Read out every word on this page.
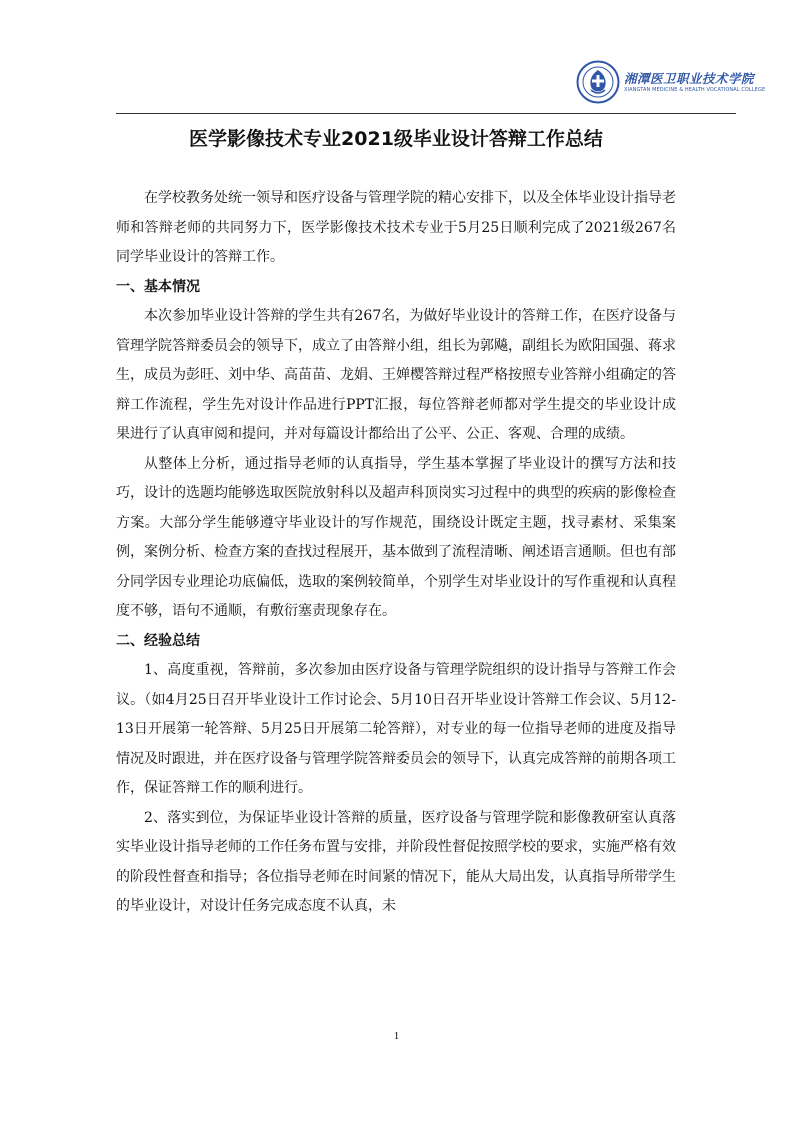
湘潭医卫职业技术学院
XIANGTAN MEDICINE & HEALTH VOCATIONAL COLLEGE
医学影像技术专业2021级毕业设计答辩工作总结

在学校教务处统一领导和医疗设备与管理学院的精心安排下，以及全体毕业设计指导老师和答辩老师的共同努力下，医学影像技术技术专业于5月25日顺利完成了2021级267名同学毕业设计的答辩工作。

一、基本情况

本次参加毕业设计答辩的学生共有267名，为做好毕业设计的答辩工作，在医疗设备与管理学院答辩委员会的领导下，成立了由答辩小组，组长为郭飚，副组长为欧阳国强、蒋求生，成员为彭旺、刘中华、高苗苗、龙娟、王婵樱答辩过程严格按照专业答辩小组确定的答辩工作流程，学生先对设计作品进行PPT汇报，每位答辩老师都对学生提交的毕业设计成果进行了认真审阅和提问，并对每篇设计都给出了公平、公正、客观、合理的成绩。

从整体上分析，通过指导老师的认真指导，学生基本掌握了毕业设计的撰写方法和技巧，设计的选题均能够选取医院放射科以及超声科顶岗实习过程中的典型的疾病的影像检查方案。大部分学生能够遵守毕业设计的写作规范，围绕设计既定主题，找寻素材、采集案例，案例分析、检查方案的查找过程展开，基本做到了流程清晰、阐述语言通顺。但也有部分同学因专业理论功底偏低，选取的案例较简单，个别学生对毕业设计的写作重视和认真程度不够，语句不通顺，有敷衍塞责现象存在。

二、经验总结

1、高度重视，答辩前，多次参加由医疗设备与管理学院组织的设计指导与答辩工作会议。（如4月25日召开毕业设计工作讨论会、5月10日召开毕业设计答辩工作会议、5月12-13日开展第一轮答辩、5月25日开展第二轮答辩），对专业的每一位指导老师的进度及指导情况及时跟进，并在医疗设备与管理学院答辩委员会的领导下，认真完成答辩的前期各项工作，保证答辩工作的顺利进行。

2、落实到位，为保证毕业设计答辩的质量，医疗设备与管理学院和影像教研室认真落实毕业设计指导老师的工作任务布置与安排，并阶段性督促按照学校的要求，实施严格有效的阶段性督查和指导；各位指导老师在时间紧的情况下，能从大局出发，认真指导所带学生的毕业设计，对设计任务完成态度不认真，未

1
